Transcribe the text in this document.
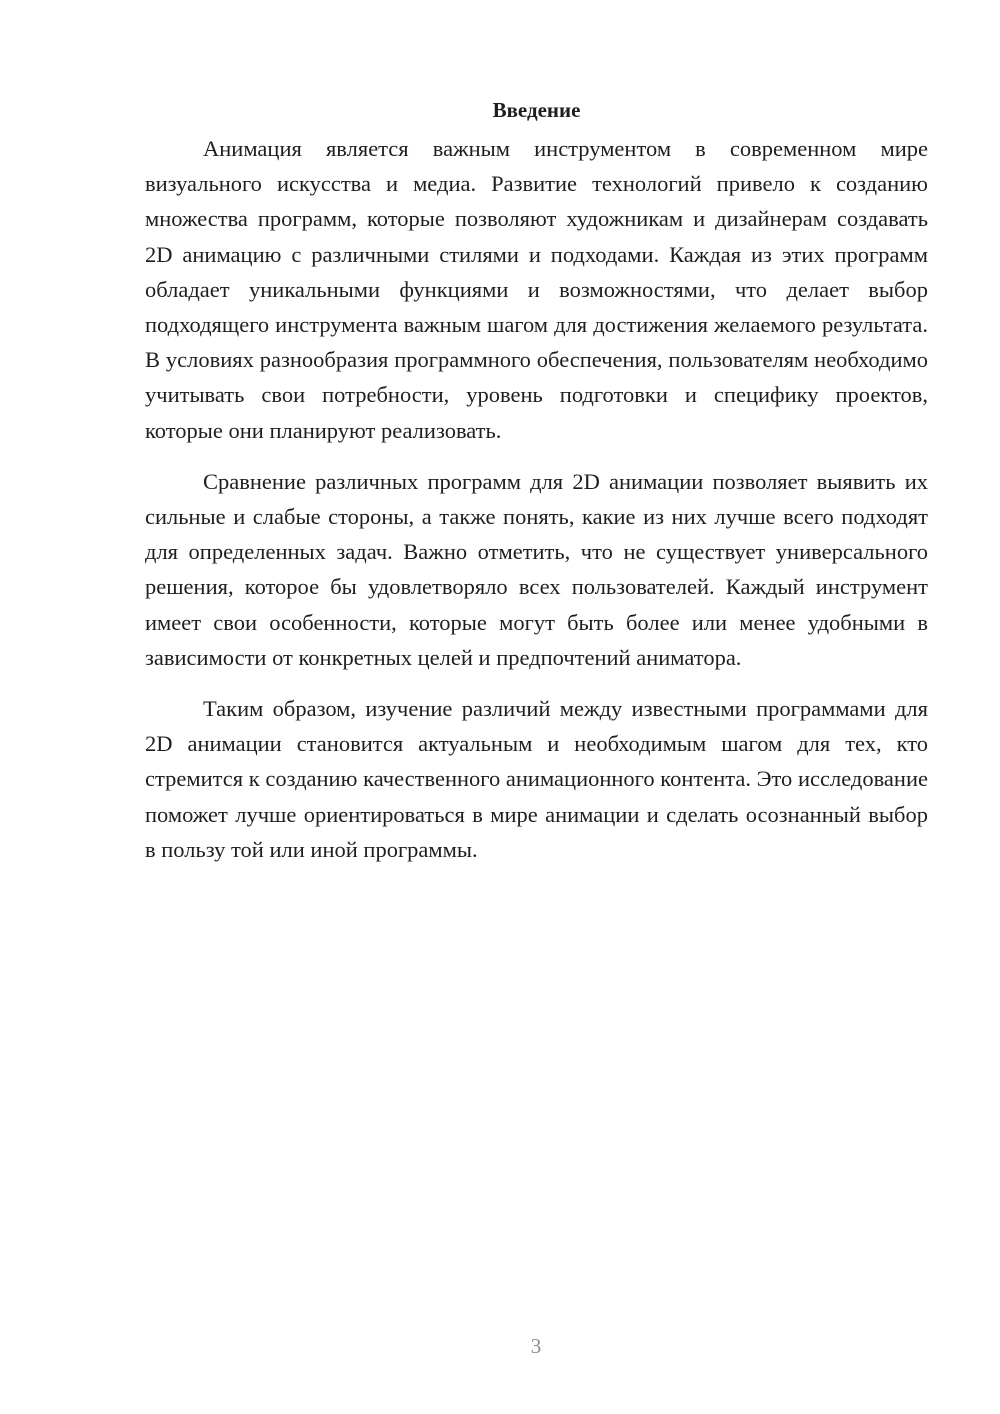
Введение

Анимация является важным инструментом в современном мире визуального искусства и медиа. Развитие технологий привело к созданию множества программ, которые позволяют художникам и дизайнерам создавать 2D анимацию с различными стилями и подходами. Каждая из этих программ обладает уникальными функциями и возможностями, что делает выбор подходящего инструмента важным шагом для достижения желаемого результата. В условиях разнообразия программного обеспечения, пользователям необходимо учитывать свои потребности, уровень подготовки и специфику проектов, которые они планируют реализовать.

Сравнение различных программ для 2D анимации позволяет выявить их сильные и слабые стороны, а также понять, какие из них лучше всего подходят для определенных задач. Важно отметить, что не существует универсального решения, которое бы удовлетворяло всех пользователей. Каждый инструмент имеет свои особенности, которые могут быть более или менее удобными в зависимости от конкретных целей и предпочтений аниматора.

Таким образом, изучение различий между известными программами для 2D анимации становится актуальным и необходимым шагом для тех, кто стремится к созданию качественного анимационного контента. Это исследование поможет лучше ориентироваться в мире анимации и сделать осознанный выбор в пользу той или иной программы.

3
